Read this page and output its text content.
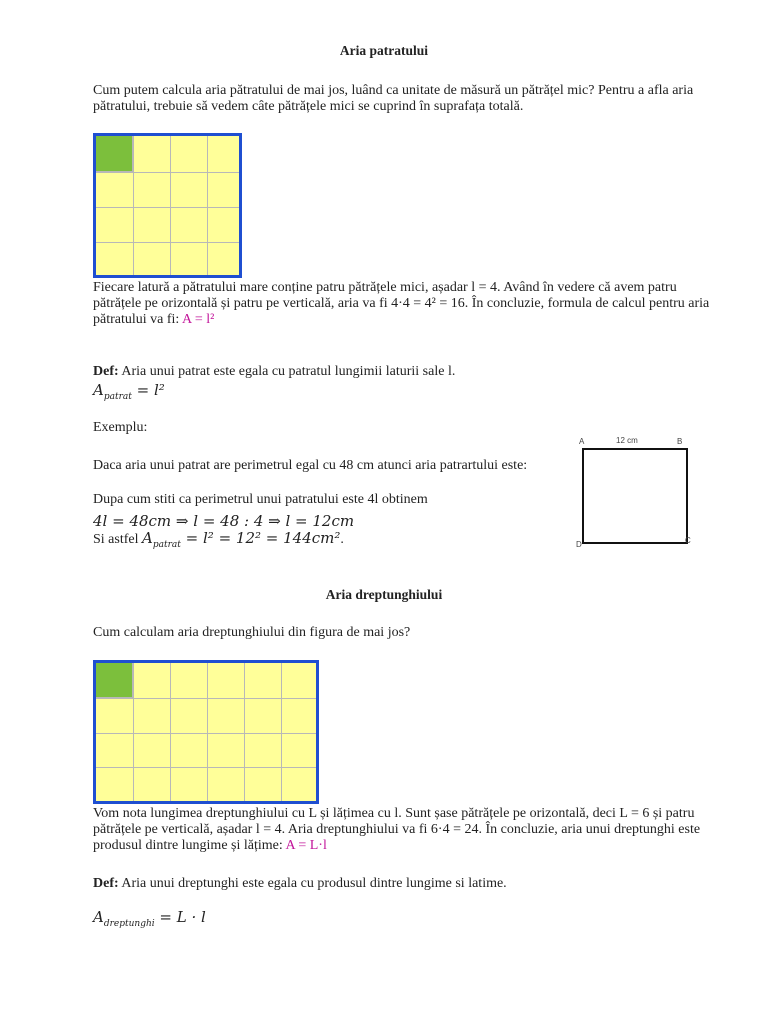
Aria patratului
Cum putem calcula aria pătratului de mai jos, luând ca unitate de măsură un pătrățel mic? Pentru a afla aria pătratului, trebuie să vedem câte pătrățele mici se cuprind în suprafața totală.
Fiecare latură a pătratului mare conține patru pătrățele mici, așadar l = 4. Având în vedere că avem patru pătrățele pe orizontală și patru pe verticală, aria va fi 4·4 = 4² = 16. În concluzie, formula de calcul pentru aria pătratului va fi: A = l²
Def: Aria unui patrat este egala cu patratul lungimii laturii sale l.
$A_{patrat} = l^2$
Exemplu:
Daca aria unui patrat are perimetrul egal cu 48 cm atunci aria patrartului este:
Dupa cum stiti ca perimetrul unui patratului este 4l obtinem
4l = 48cm ⇒ l = 48 : 4 ⇒ l = 12cm
Si astfel $A_{patrat} = l^2 = 12^2 = 144cm^2$.
A	12 cm	B
D	C
Aria dreptunghiului
Cum calculam aria dreptunghiului din figura de mai jos?
Vom nota lungimea dreptunghiului cu L și lățimea cu l. Sunt șase pătrățele pe orizontală, deci L = 6 și patru pătrățele pe verticală, așadar l = 4. Aria dreptunghiului va fi 6·4 = 24. În concluzie, aria unui dreptunghi este produsul dintre lungime și lățime: A = L·l
Def: Aria unui dreptunghi este egala cu produsul dintre lungime si latime.
$A_{dreptunghi} = L \cdot l$
